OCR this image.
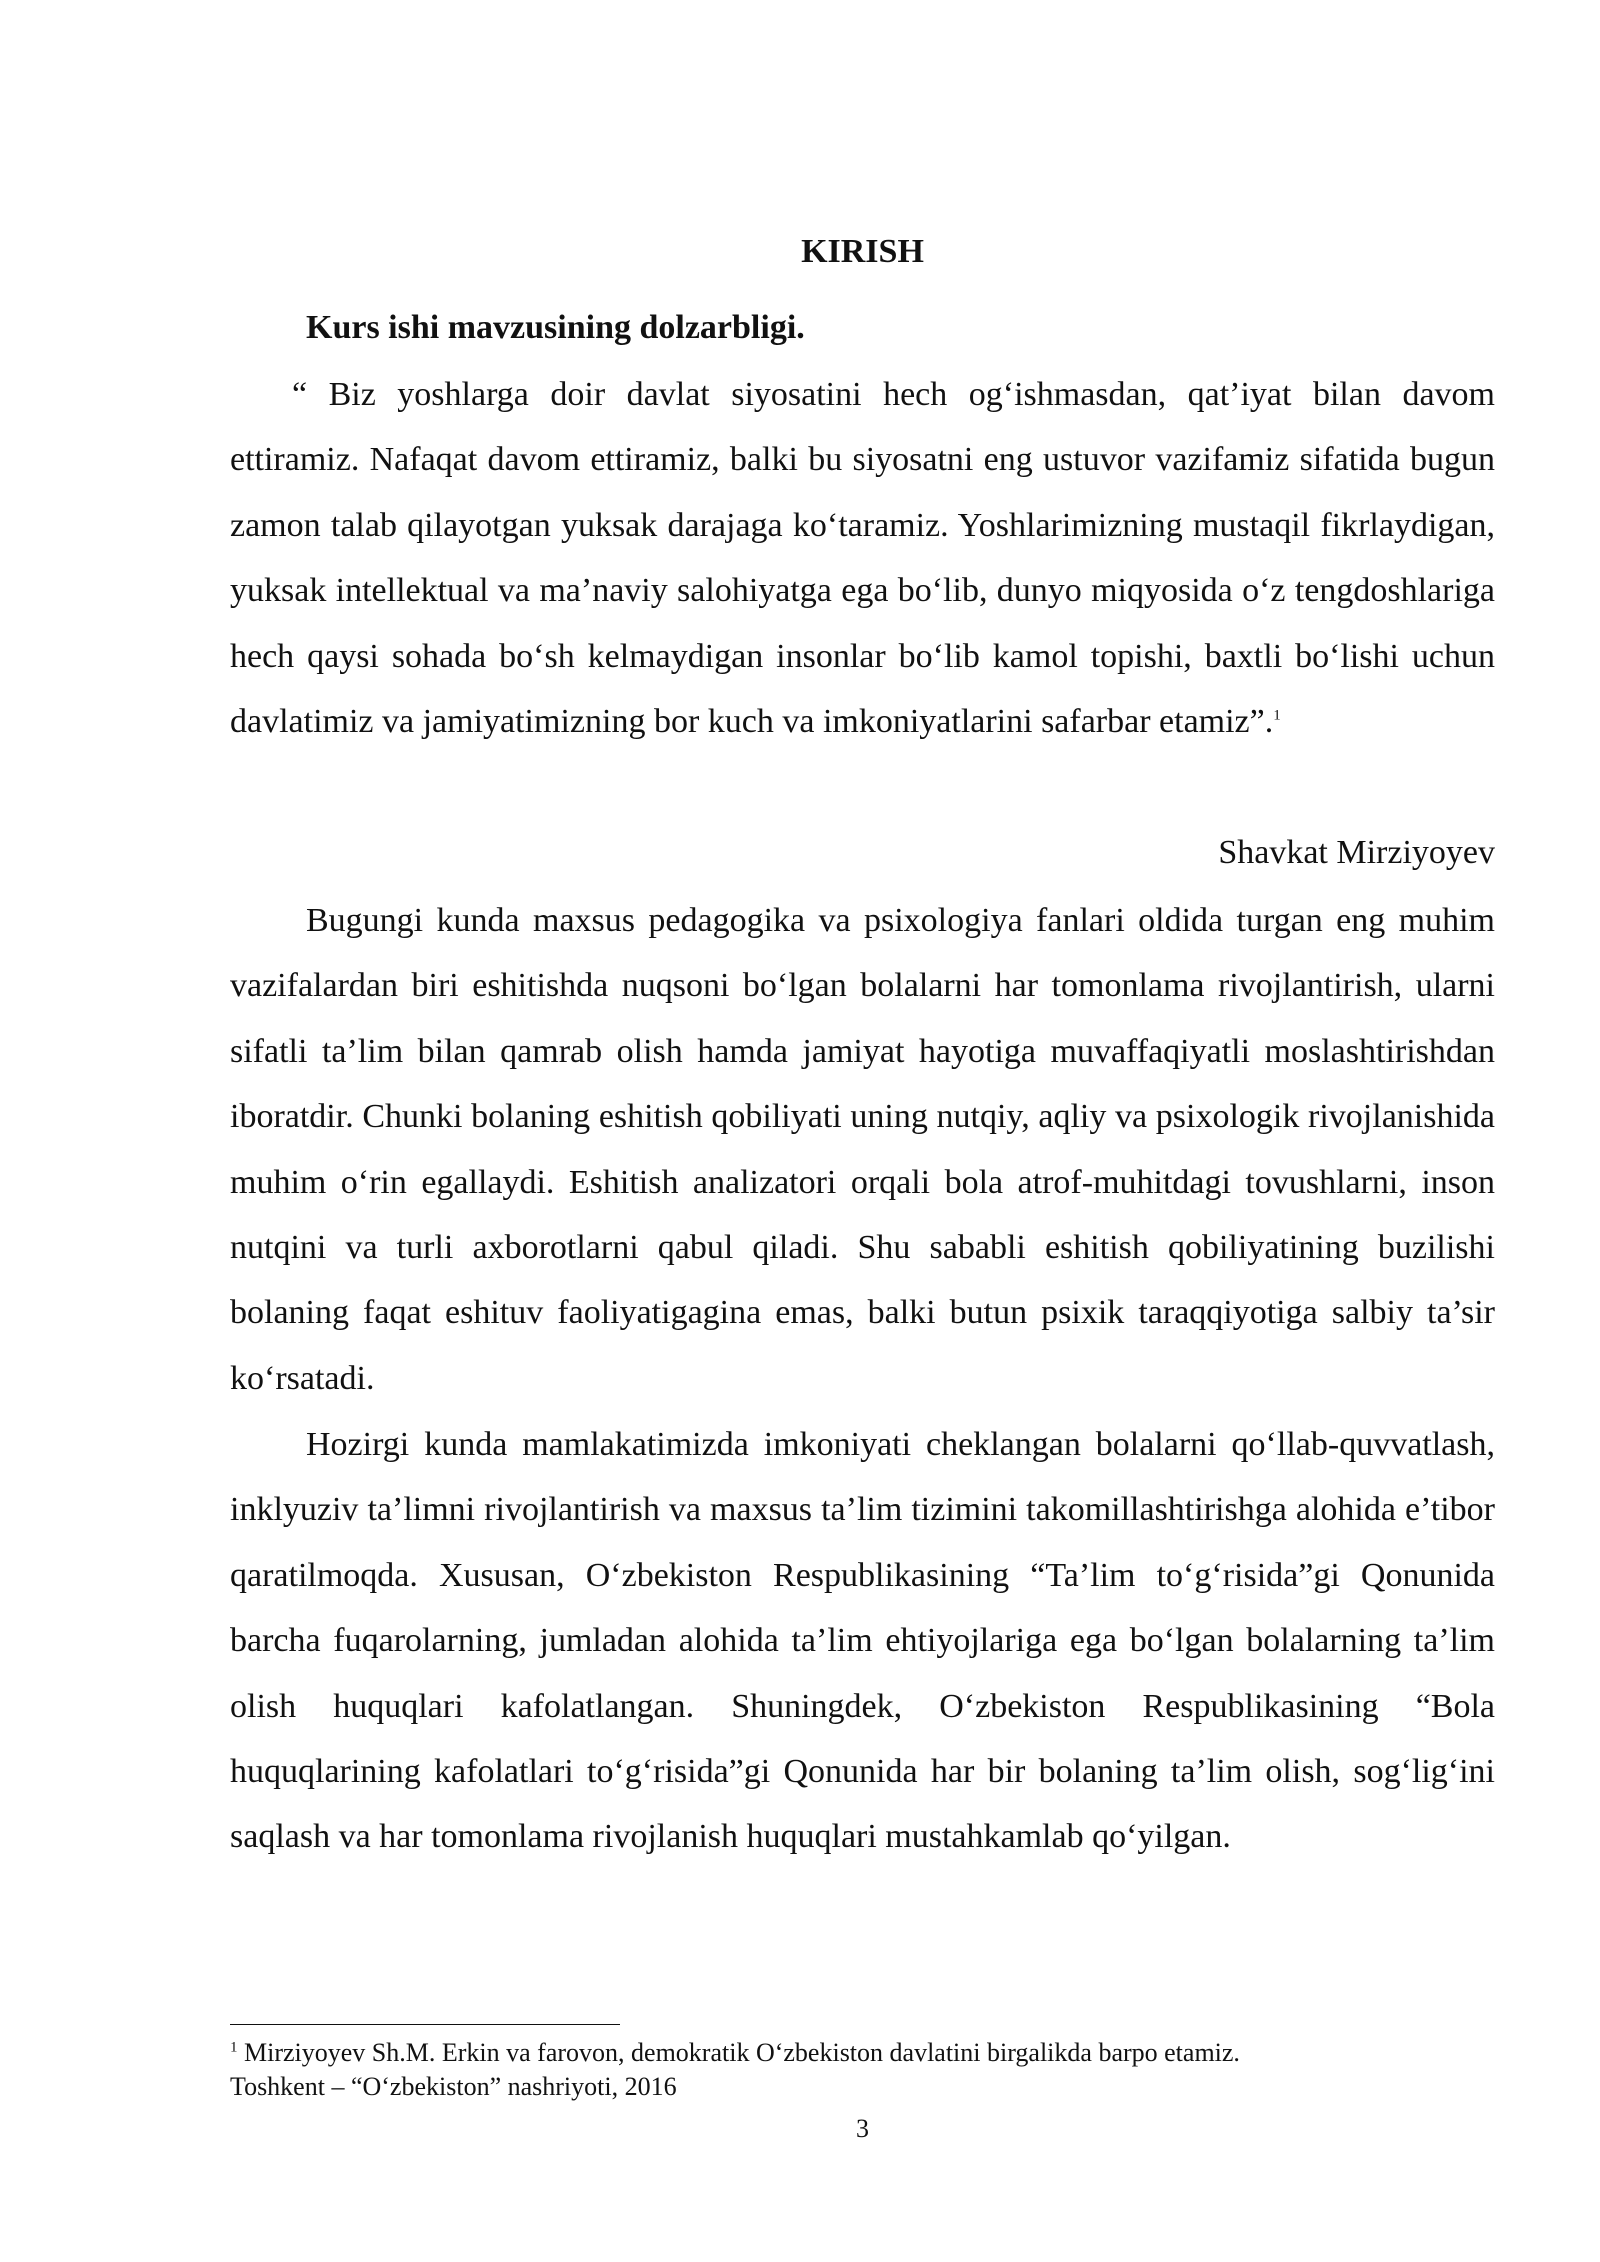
KIRISH
Kurs ishi mavzusining dolzarbligi.

“ Biz yoshlarga doir davlat siyosatini hech og‘ishmasdan, qat’iyat bilan davom ettiramiz. Nafaqat davom ettiramiz, balki bu siyosatni eng ustuvor vazifamiz sifatida bugun zamon talab qilayotgan yuksak darajaga ko‘taramiz. Yoshlarimizning mustaqil fikrlaydigan, yuksak intellektual va ma’naviy salohiyatga ega bo‘lib, dunyo miqyosida o‘z tengdoshlariga hech qaysi sohada bo‘sh kelmaydigan insonlar bo‘lib kamol topishi, baxtli bo‘lishi uchun davlatimiz va jamiyatimizning bor kuch va imkoniyatlarini safarbar etamiz”.$^1$

Shavkat Mirziyoyev

Bugungi kunda maxsus pedagogika va psixologiya fanlari oldida turgan eng muhim vazifalardan biri eshitishda nuqsoni bo‘lgan bolalarni har tomonlama rivojlantirish, ularni sifatli ta’lim bilan qamrab olish hamda jamiyat hayotiga muvaffaqiyatli moslashtirishdan iboratdir. Chunki bolaning eshitish qobiliyati uning nutqiy, aqliy va psixologik rivojlanishida muhim o‘rin egallaydi. Eshitish analizatori orqali bola atrof-muhitdagi tovushlarni, inson nutqini va turli axborotlarni qabul qiladi. Shu sababli eshitish qobiliyatining buzilishi bolaning faqat eshituv faoliyatigagina emas, balki butun psixik taraqqiyotiga salbiy ta’sir ko‘rsatadi.

Hozirgi kunda mamlakatimizda imkoniyati cheklangan bolalarni qo‘llab-quvvatlash, inklyuziv ta’limni rivojlantirish va maxsus ta’lim tizimini takomillashtirishga alohida e’tibor qaratilmoqda. Xususan, O‘zbekiston Respublikasining “Ta’lim to‘g‘risida”gi Qonunida barcha fuqarolarning, jumladan alohida ta’lim ehtiyojlariga ega bo‘lgan bolalarning ta’lim olish huquqlari kafolatlangan. Shuningdek, O‘zbekiston Respublikasining “Bola huquqlarining kafolatlari to‘g‘risida”gi Qonunida har bir bolaning ta’lim olish, sog‘lig‘ini saqlash va har tomonlama rivojlanish huquqlari mustahkamlab qo‘yilgan.

$^1$ Mirziyoyev Sh.M. Erkin va farovon, demokratik O‘zbekiston davlatini birgalikda barpo etamiz.
Toshkent – “O‘zbekiston” nashriyoti, 2016
3
